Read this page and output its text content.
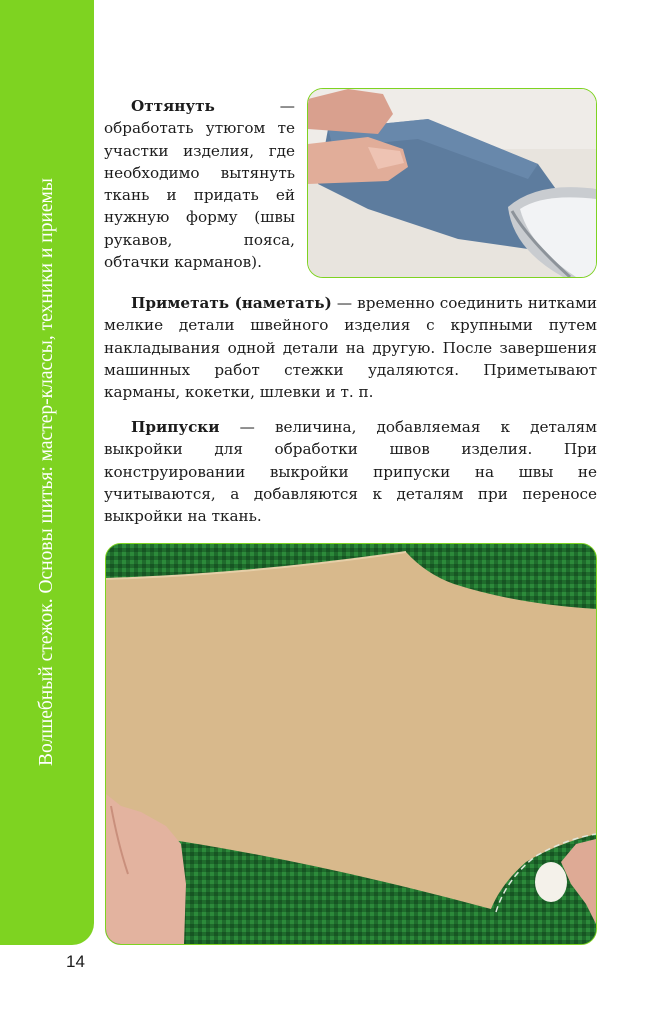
Волшебный стежок. Основы шитья: мастер-классы, техники и приемы

Оттянуть — обработать утюгом те участки изделия, где необходимо вытянуть ткань и придать ей нужную форму (швы рукавов, пояса, обтачки карманов).

Приметать (наметать) — временно соединить нитками мелкие детали швейного изделия с крупными путем накладывания одной детали на другую. После завершения машинных работ стежки удаляются. Приметывают карманы, кокетки, шлевки и т. п.

Припуски — величина, добавляемая к деталям выкройки для обработки швов изделия. При конструировании выкройки припуски на швы не учитываются, а добавляются к деталям при переносе выкройки на ткань.

14
